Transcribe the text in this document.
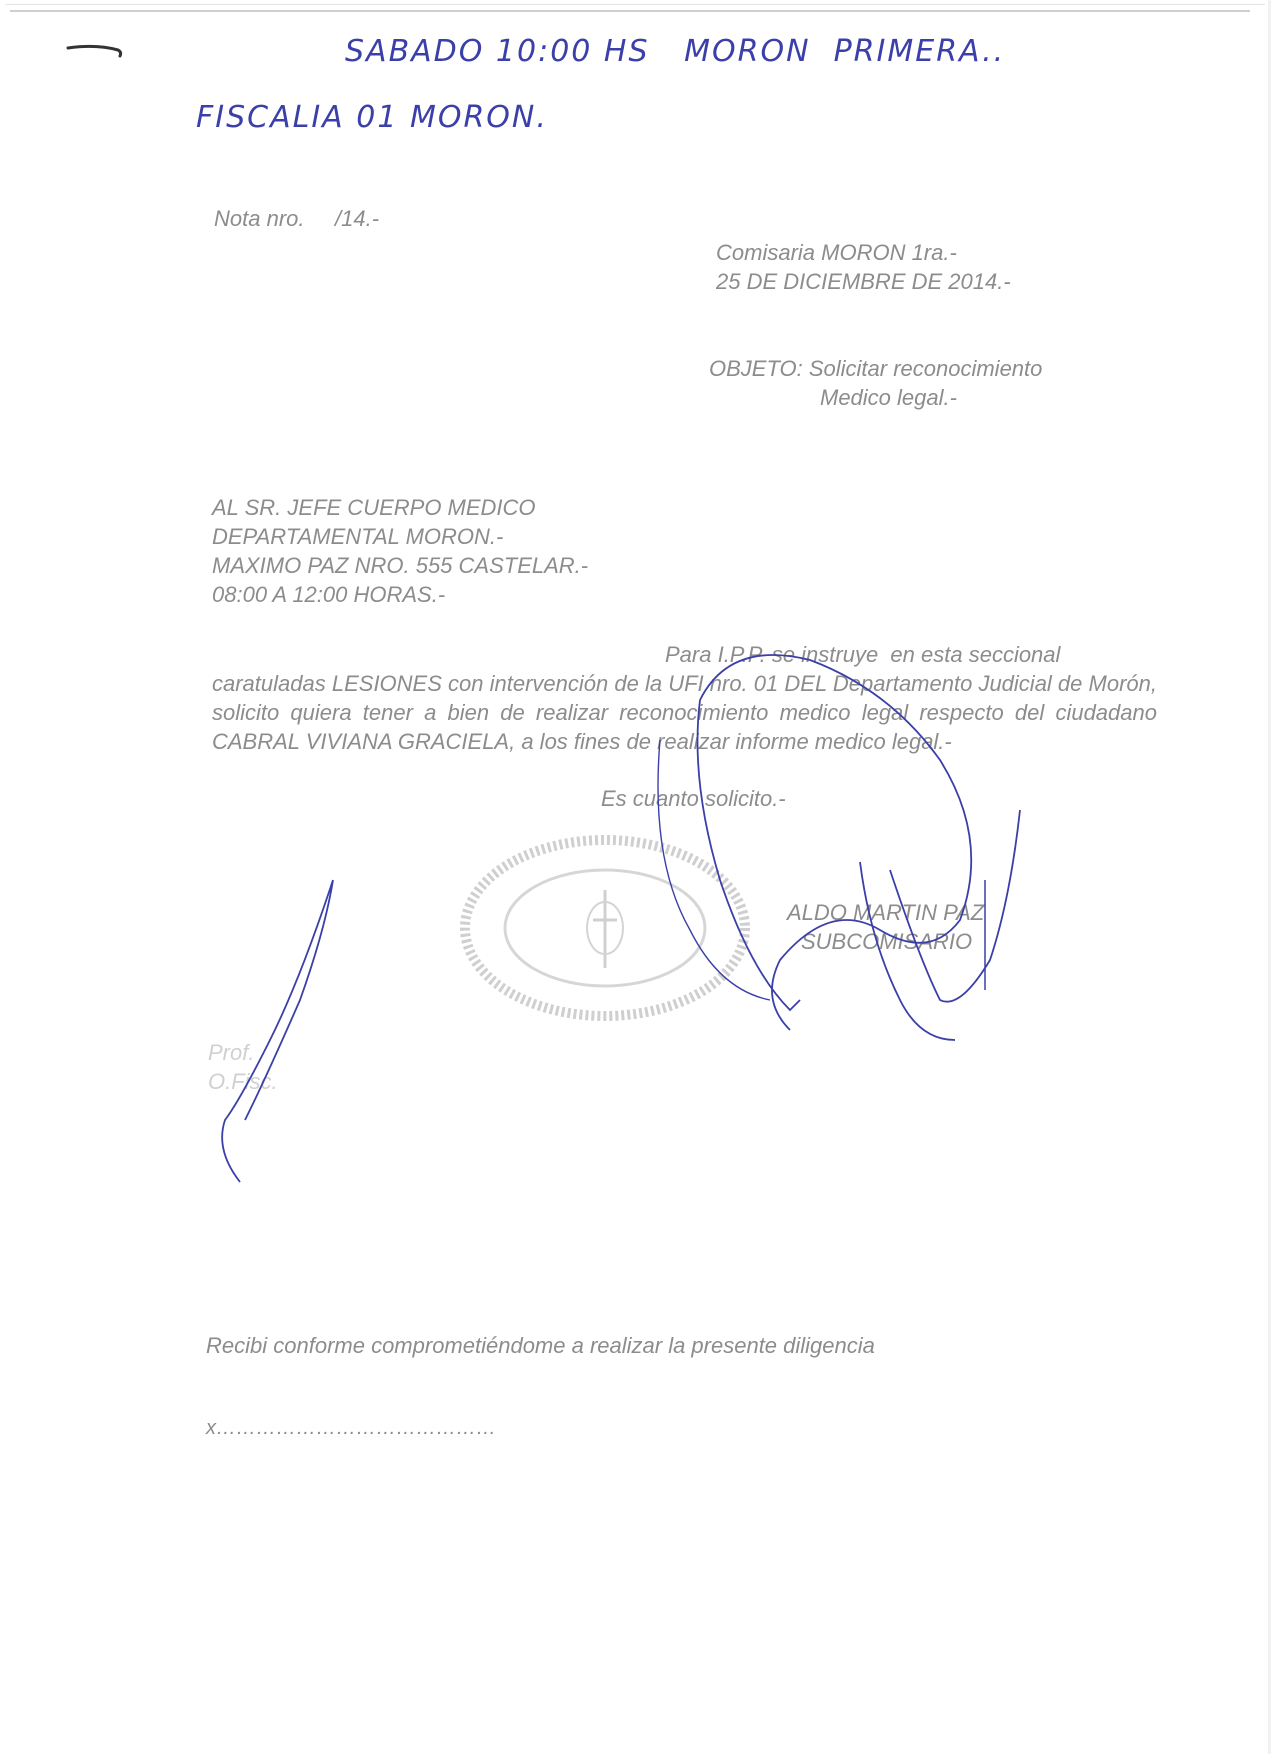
SABADO 10:00 HS   MORON  PRIMERA..
FISCALIA 01 MORON.
Nota nro.     /14.-
Comisaria MORON 1ra.-
25 DE DICIEMBRE DE 2014.-
OBJETO: Solicitar reconocimiento
Medico legal.-
AL SR. JEFE CUERPO MEDICO
DEPARTAMENTAL MORON.-
MAXIMO PAZ NRO. 555 CASTELAR.-
08:00 A 12:00 HORAS.-
Para I.P.P. se instruye  en esta seccional
caratuladas LESIONES con intervención de la UFI nro. 01 DEL Departamento Judicial de Morón, solicito quiera tener a bien de realizar reconocimiento medico legal respecto del ciudadano CABRAL VIVIANA GRACIELA, a los fines de realizar informe medico legal.-
Es cuanto solicito.-
ALDO MARTIN PAZ
SUBCOMISARIO
Prof.
O.Fisc.
Recibi conforme comprometiéndome a realizar la presente diligencia
x……………………………………
